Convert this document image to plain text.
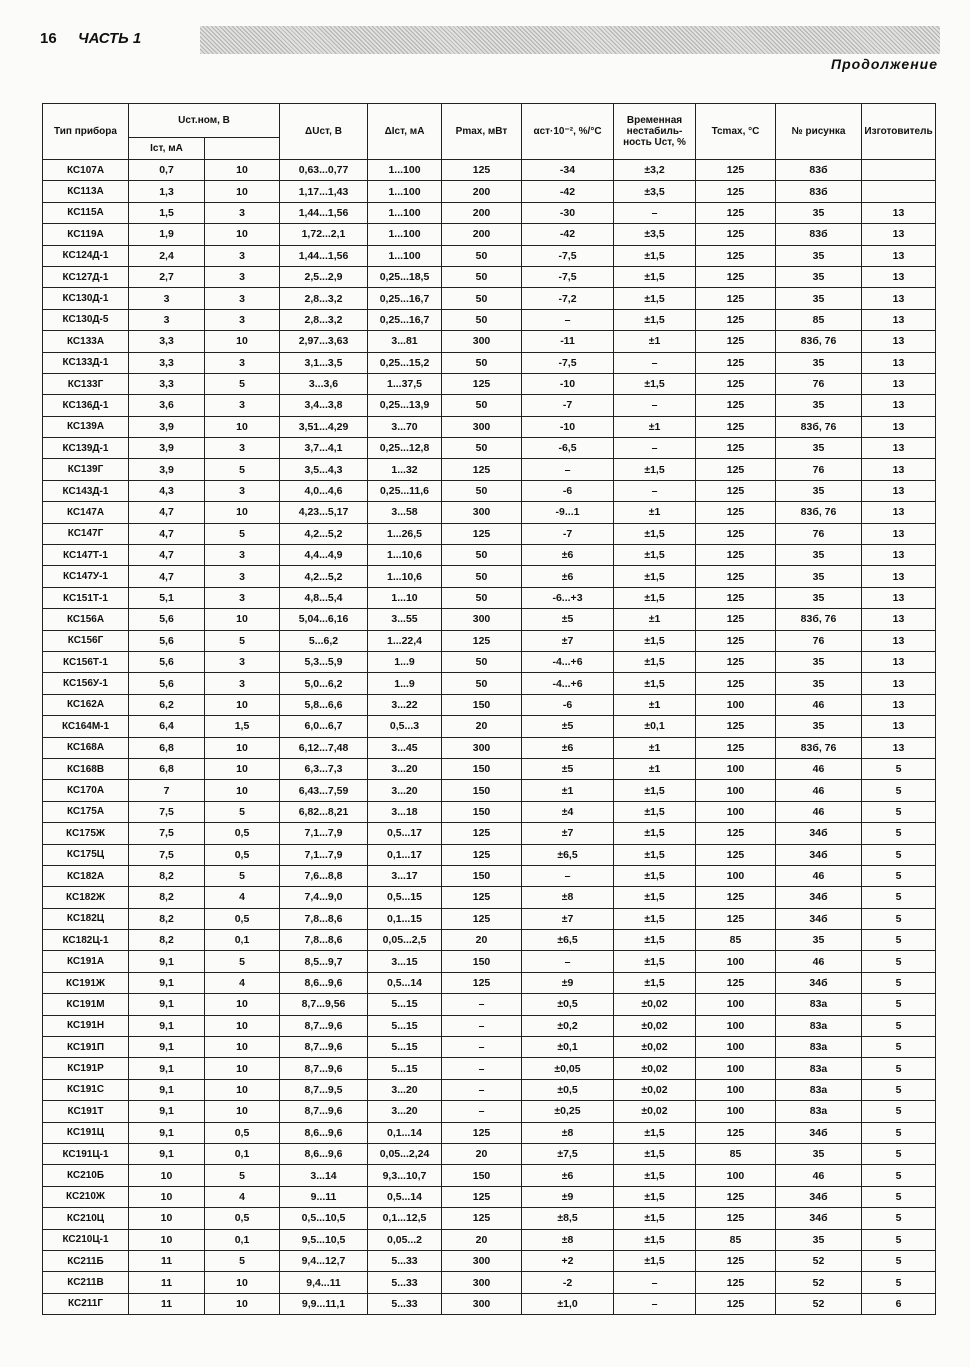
16 ЧАСТЬ 1
Продолжение
Тип прибора	Uст.ном, В		ΔUст, В	ΔIст, мА	Pmax, мВт	αст·10⁻², %/°С	Временная нестабиль-ность Uст, %	Tcmax, °С	№ рисунка	Изготовитель
	Iст, мА									
КС107А	0,7	10	0,63...0,77	1...100	125	-34	±3,2	125	83б	
КС113А	1,3	10	1,17...1,43	1...100	200	-42	±3,5	125	83б	
КС115А	1,5	3	1,44...1,56	1...100	200	-30	–	125	35	13
КС119А	1,9	10	1,72...2,1	1...100	200	-42	±3,5	125	83б	13
КС124Д-1	2,4	3	1,44...1,56	1...100	50	-7,5	±1,5	125	35	13
КС127Д-1	2,7	3	2,5...2,9	0,25...18,5	50	-7,5	±1,5	125	35	13
КС130Д-1	3	3	2,8...3,2	0,25...16,7	50	-7,2	±1,5	125	35	13
КС130Д-5	3	3	2,8...3,2	0,25...16,7	50	–	±1,5	125	85	13
КС133А	3,3	10	2,97...3,63	3...81	300	-11	±1	125	83б, 76	13
КС133Д-1	3,3	3	3,1...3,5	0,25...15,2	50	-7,5	–	125	35	13
КС133Г	3,3	5	3...3,6	1...37,5	125	-10	±1,5	125	76	13
КС136Д-1	3,6	3	3,4...3,8	0,25...13,9	50	-7	–	125	35	13
КС139А	3,9	10	3,51...4,29	3...70	300	-10	±1	125	83б, 76	13
КС139Д-1	3,9	3	3,7...4,1	0,25...12,8	50	-6,5	–	125	35	13
КС139Г	3,9	5	3,5...4,3	1...32	125	–	±1,5	125	76	13
КС143Д-1	4,3	3	4,0...4,6	0,25...11,6	50	-6	–	125	35	13
КС147А	4,7	10	4,23...5,17	3...58	300	-9...1	±1	125	83б, 76	13
КС147Г	4,7	5	4,2...5,2	1...26,5	125	-7	±1,5	125	76	13
КС147Т-1	4,7	3	4,4...4,9	1...10,6	50	±6	±1,5	125	35	13
КС147У-1	4,7	3	4,2...5,2	1...10,6	50	±6	±1,5	125	35	13
КС151Т-1	5,1	3	4,8...5,4	1...10	50	-6...+3	±1,5	125	35	13
КС156А	5,6	10	5,04...6,16	3...55	300	±5	±1	125	83б, 76	13
КС156Г	5,6	5	5...6,2	1...22,4	125	±7	±1,5	125	76	13
КС156Т-1	5,6	3	5,3...5,9	1...9	50	-4...+6	±1,5	125	35	13
КС156У-1	5,6	3	5,0...6,2	1...9	50	-4...+6	±1,5	125	35	13
КС162А	6,2	10	5,8...6,6	3...22	150	-6	±1	100	46	13
КС164М-1	6,4	1,5	6,0...6,7	0,5...3	20	±5	±0,1	125	35	13
КС168А	6,8	10	6,12...7,48	3...45	300	±6	±1	125	83б, 76	13
КС168В	6,8	10	6,3...7,3	3...20	150	±5	±1	100	46	5
КС170А	7	10	6,43...7,59	3...20	150	±1	±1,5	100	46	5
КС175А	7,5	5	6,82...8,21	3...18	150	±4	±1,5	100	46	5
КС175Ж	7,5	0,5	7,1...7,9	0,5...17	125	±7	±1,5	125	34б	5
КС175Ц	7,5	0,5	7,1...7,9	0,1...17	125	±6,5	±1,5	125	34б	5
КС182А	8,2	5	7,6...8,8	3...17	150	–	±1,5	100	46	5
КС182Ж	8,2	4	7,4...9,0	0,5...15	125	±8	±1,5	125	34б	5
КС182Ц	8,2	0,5	7,8...8,6	0,1...15	125	±7	±1,5	125	34б	5
КС182Ц-1	8,2	0,1	7,8...8,6	0,05...2,5	20	±6,5	±1,5	85	35	5
КС191А	9,1	5	8,5...9,7	3...15	150	–	±1,5	100	46	5
КС191Ж	9,1	4	8,6...9,6	0,5...14	125	±9	±1,5	125	34б	5
КС191М	9,1	10	8,7...9,56	5...15	–	±0,5	±0,02	100	83а	5
КС191Н	9,1	10	8,7...9,6	5...15	–	±0,2	±0,02	100	83а	5
КС191П	9,1	10	8,7...9,6	5...15	–	±0,1	±0,02	100	83а	5
КС191Р	9,1	10	8,7...9,6	5...15	–	±0,05	±0,02	100	83а	5
КС191С	9,1	10	8,7...9,5	3...20	–	±0,5	±0,02	100	83а	5
КС191Т	9,1	10	8,7...9,6	3...20	–	±0,25	±0,02	100	83а	5
КС191Ц	9,1	0,5	8,6...9,6	0,1...14	125	±8	±1,5	125	34б	5
КС191Ц-1	9,1	0,1	8,6...9,6	0,05...2,24	20	±7,5	±1,5	85	35	5
КС210Б	10	5	3...14	9,3...10,7	150	±6	±1,5	100	46	5
КС210Ж	10	4	9...11	0,5...14	125	±9	±1,5	125	34б	5
КС210Ц	10	0,5	0,5...10,5	0,1...12,5	125	±8,5	±1,5	125	34б	5
КС210Ц-1	10	0,1	9,5...10,5	0,05...2	20	±8	±1,5	85	35	5
КС211Б	11	5	9,4...12,7	5...33	300	+2	±1,5	125	52	5
КС211В	11	10	9,4...11	5...33	300	-2	–	125	52	5
КС211Г	11	10	9,9...11,1	5...33	300	±1,0	–	125	52	6
